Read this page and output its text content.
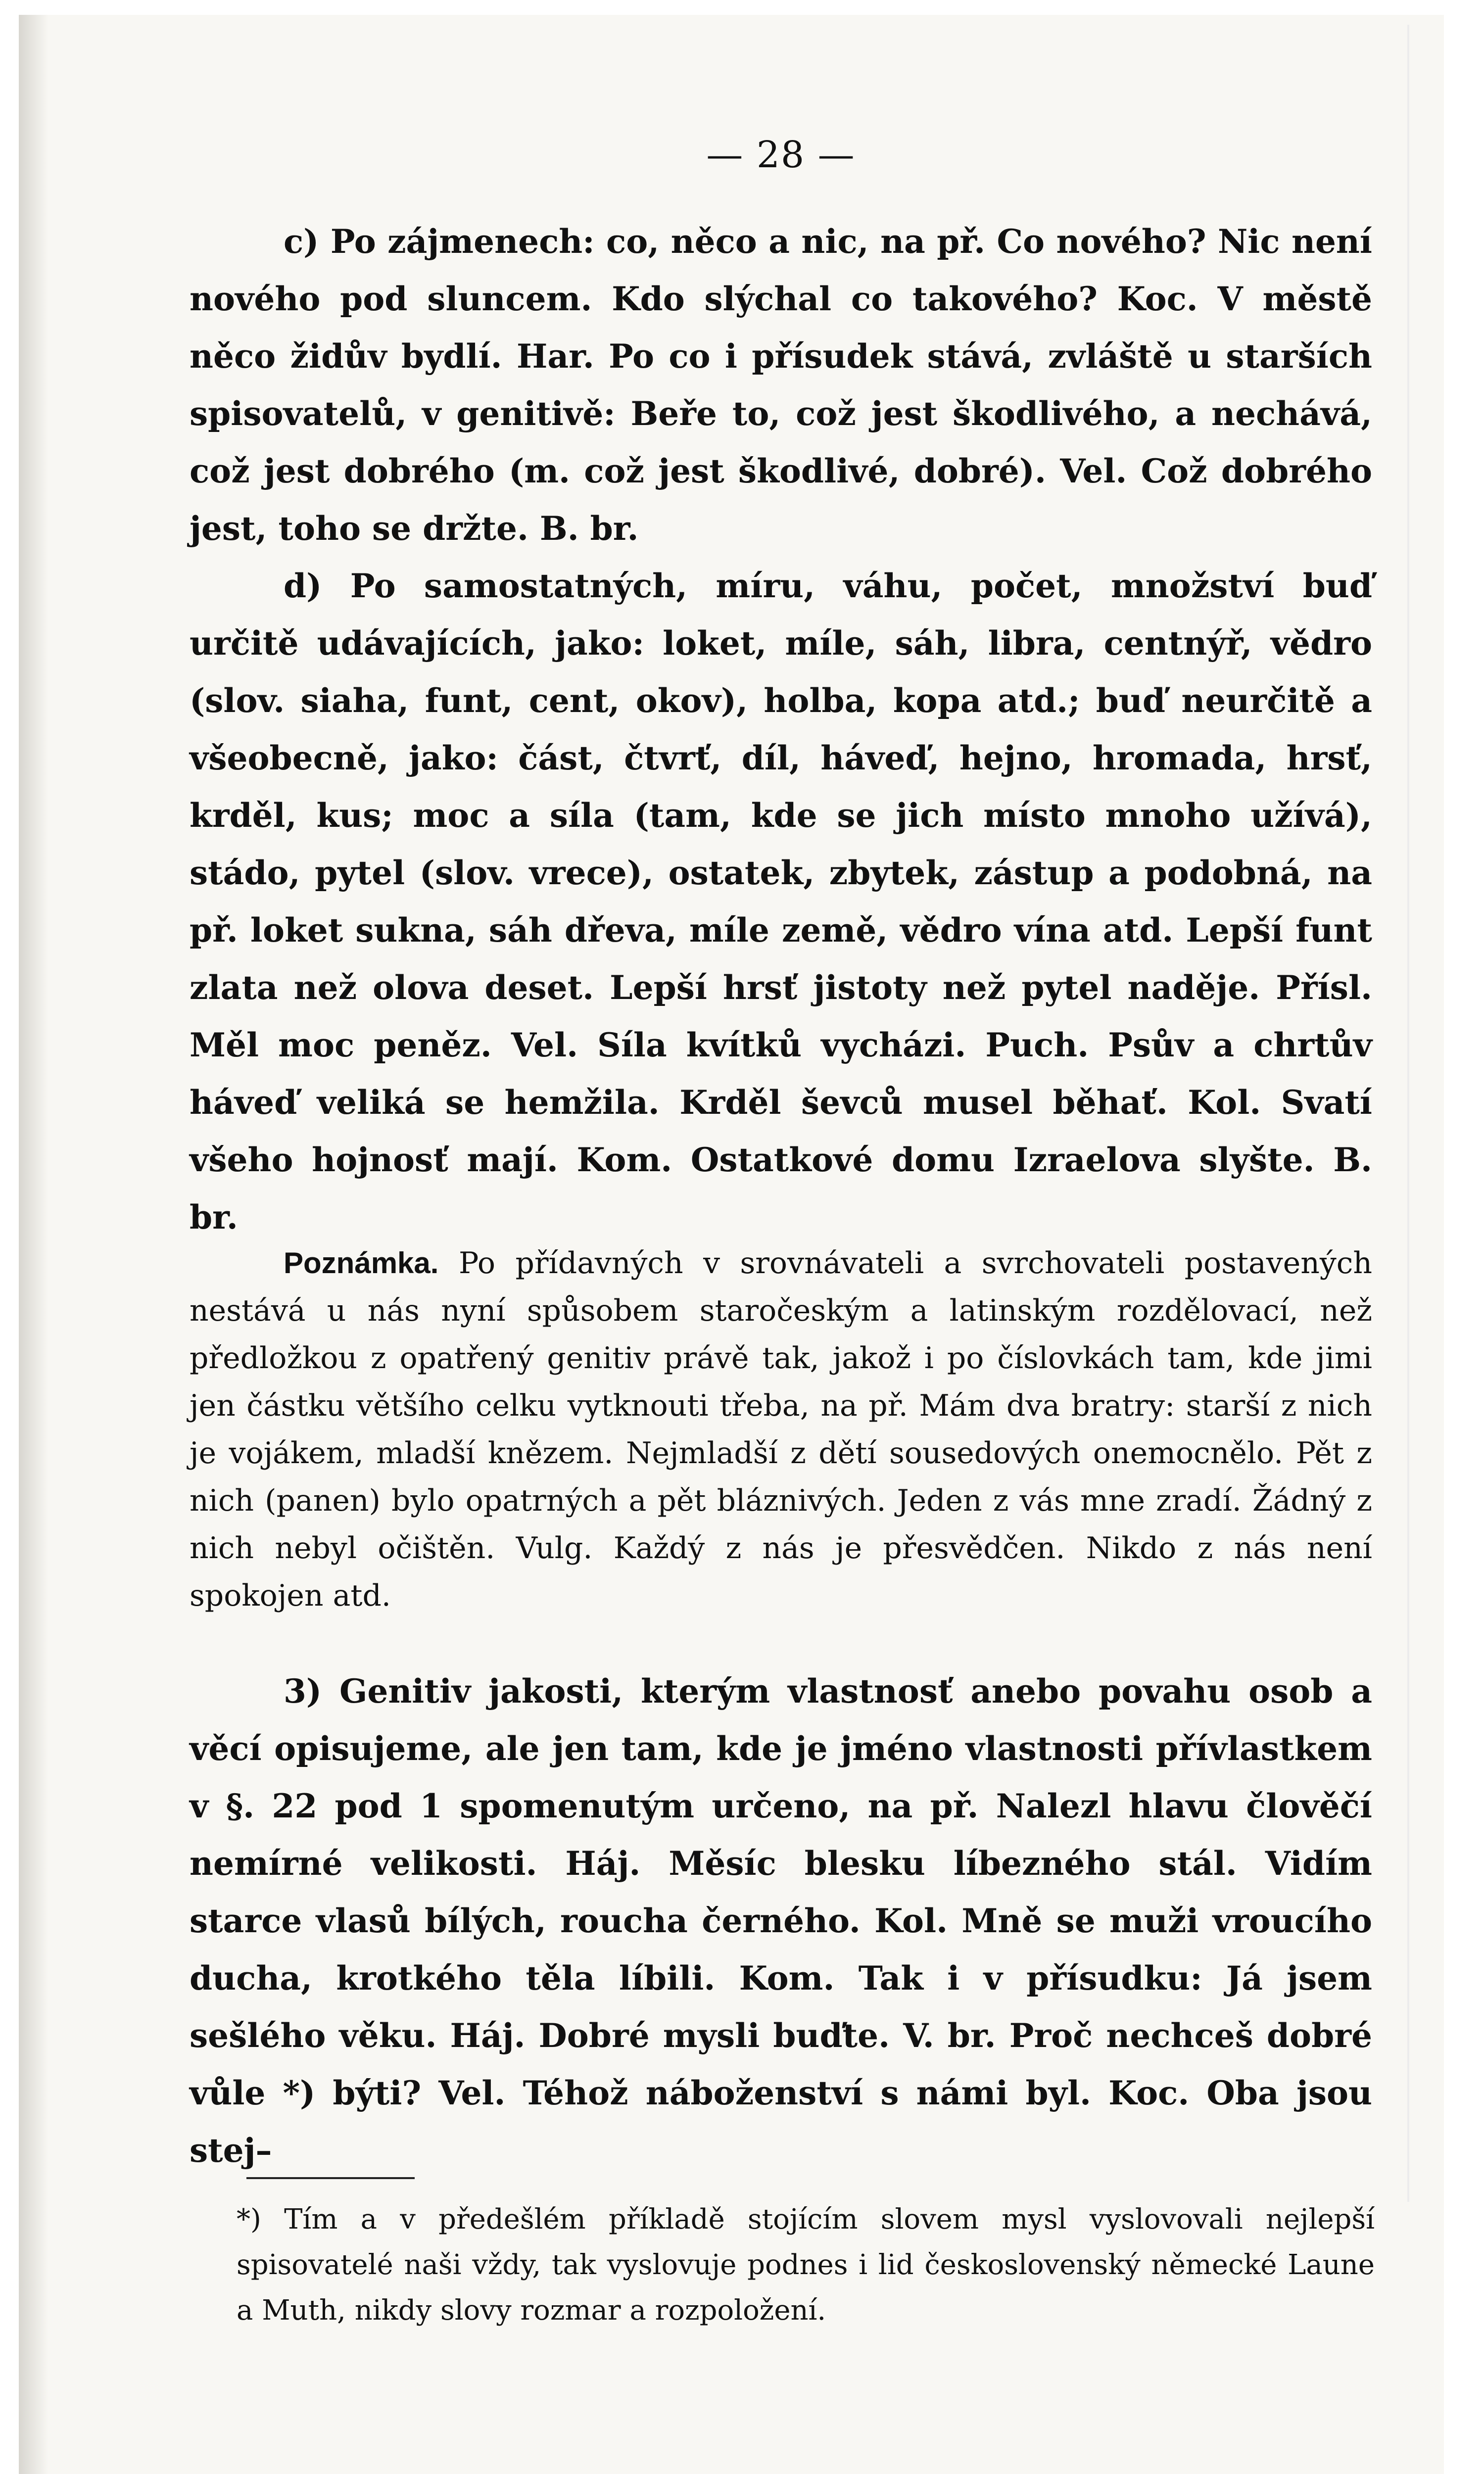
— 28 —

c) Po zájmenech: co, něco a nic, na př. Co nového? Nic není nového pod sluncem. Kdo slýchal co takového? Koc. V městě něco židův bydlí. Har. Po co i přísudek stává, zvláště u starších spisovatelů, v genitivě: Beře to, což jest škodlivého, a nechává, což jest dobrého (m. což jest škodlivé, dobré). Vel. Což dobrého jest, toho se držte. B. br.

d) Po samostatných, míru, váhu, počet, množství buď určitě udávajících, jako: loket, míle, sáh, libra, centnýř, vědro (slov. siaha, funt, cent, okov), holba, kopa atd.; buď neurčitě a všeobecně, jako: část, čtvrť, díl, háveď, hejno, hromada, hrsť, krděl, kus; moc a síla (tam, kde se jich místo mnoho užívá), stádo, pytel (slov. vrece), ostatek, zbytek, zástup a podobná, na př. loket sukna, sáh dřeva, míle země, vědro vína atd. Lepší funt zlata než olova deset. Lepší hrsť jistoty než pytel naděje. Přísl. Měl moc peněz. Vel. Síla kvítků vycházi. Puch. Psův a chrtův háveď veliká se hemžila. Krděl ševců musel běhať. Kol. Svatí všeho hojnosť mají. Kom. Ostatkové domu Izraelova slyšte. B. br.

Poznámka. Po přídavných v srovnávateli a svrchovateli postavených nestává u nás nyní spůsobem staročeským a latinským rozdělovací, než předložkou z opatřený genitiv právě tak, jakož i po číslovkách tam, kde jimi jen částku většího celku vytknouti třeba, na př. Mám dva bratry: starší z nich je vojákem, mladší knězem. Nejmladší z dětí sousedových onemocnělo. Pět z nich (panen) bylo opatrných a pět bláznivých. Jeden z vás mne zradí. Žádný z nich nebyl očištěn. Vulg. Každý z nás je přesvědčen. Nikdo z nás není spokojen atd.

3) Genitiv jakosti, kterým vlastnosť anebo povahu osob a věcí opisujeme, ale jen tam, kde je jméno vlastnosti přívlastkem v §. 22 pod 1 spomenutým určeno, na př. Nalezl hlavu člověčí nemírné velikosti. Háj. Měsíc blesku líbezného stál. Vidím starce vlasů bílých, roucha černého. Kol. Mně se muži vroucího ducha, krotkého těla líbili. Kom. Tak i v přísudku: Já jsem sešlého věku. Háj. Dobré mysli buďte. V. br. Proč nechceš dobré vůle *) býti? Vel. Téhož náboženství s námi byl. Koc. Oba jsou stej–

*) Tím a v předešlém příkladě stojícím slovem mysl vyslovovali nejlepší spisovatelé naši vždy, tak vyslovuje podnes i lid československý německé Laune a Muth, nikdy slovy rozmar a rozpoložení.
